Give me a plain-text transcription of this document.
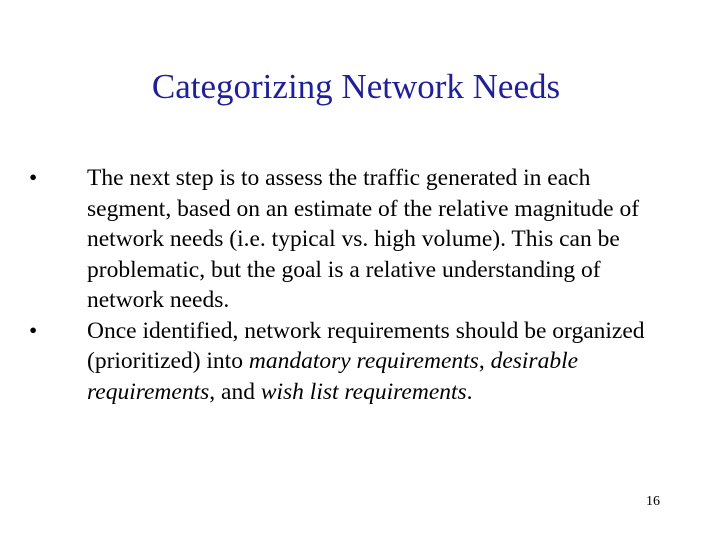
Categorizing Network Needs
• The next step is to assess the traffic generated in each segment, based on an estimate of the relative magnitude of network needs (i.e. typical vs. high volume). This can be problematic, but the goal is a relative understanding of network needs.
• Once identified, network requirements should be organized (prioritized) into mandatory requirements, desirable requirements, and wish list requirements.
16
